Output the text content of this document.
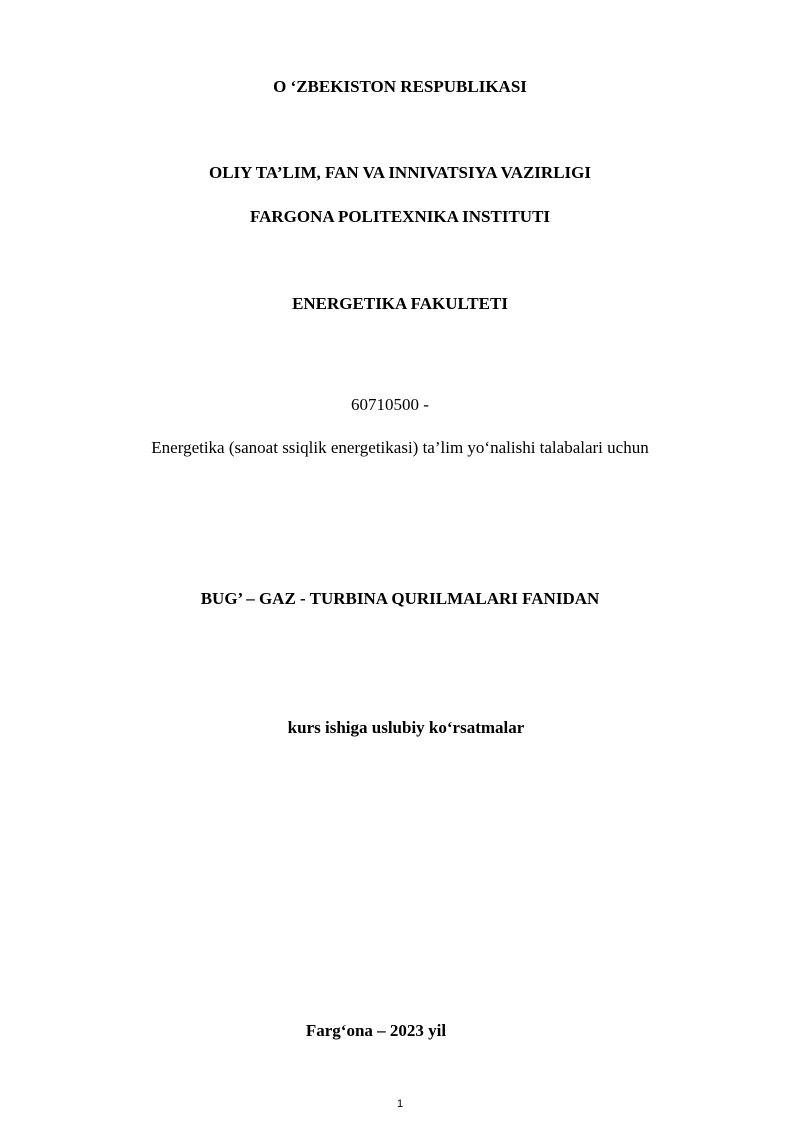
O ‘ZBEKISTON RESPUBLIKASI
OLIY TA’LIM, FAN VA INNIVATSIYA VAZIRLIGI
FARGONA POLITEXNIKA INSTITUTI
ENERGETIKA FAKULTETI
60710500 -
Energetika (sanoat ssiqlik energetikasi) ta’lim yo‘nalishi talabalari uchun
BUG’ – GAZ - TURBINA QURILMALARI FANIDAN
kurs ishiga uslubiy ko‘rsatmalar
Farg‘ona – 2023 yil
1
